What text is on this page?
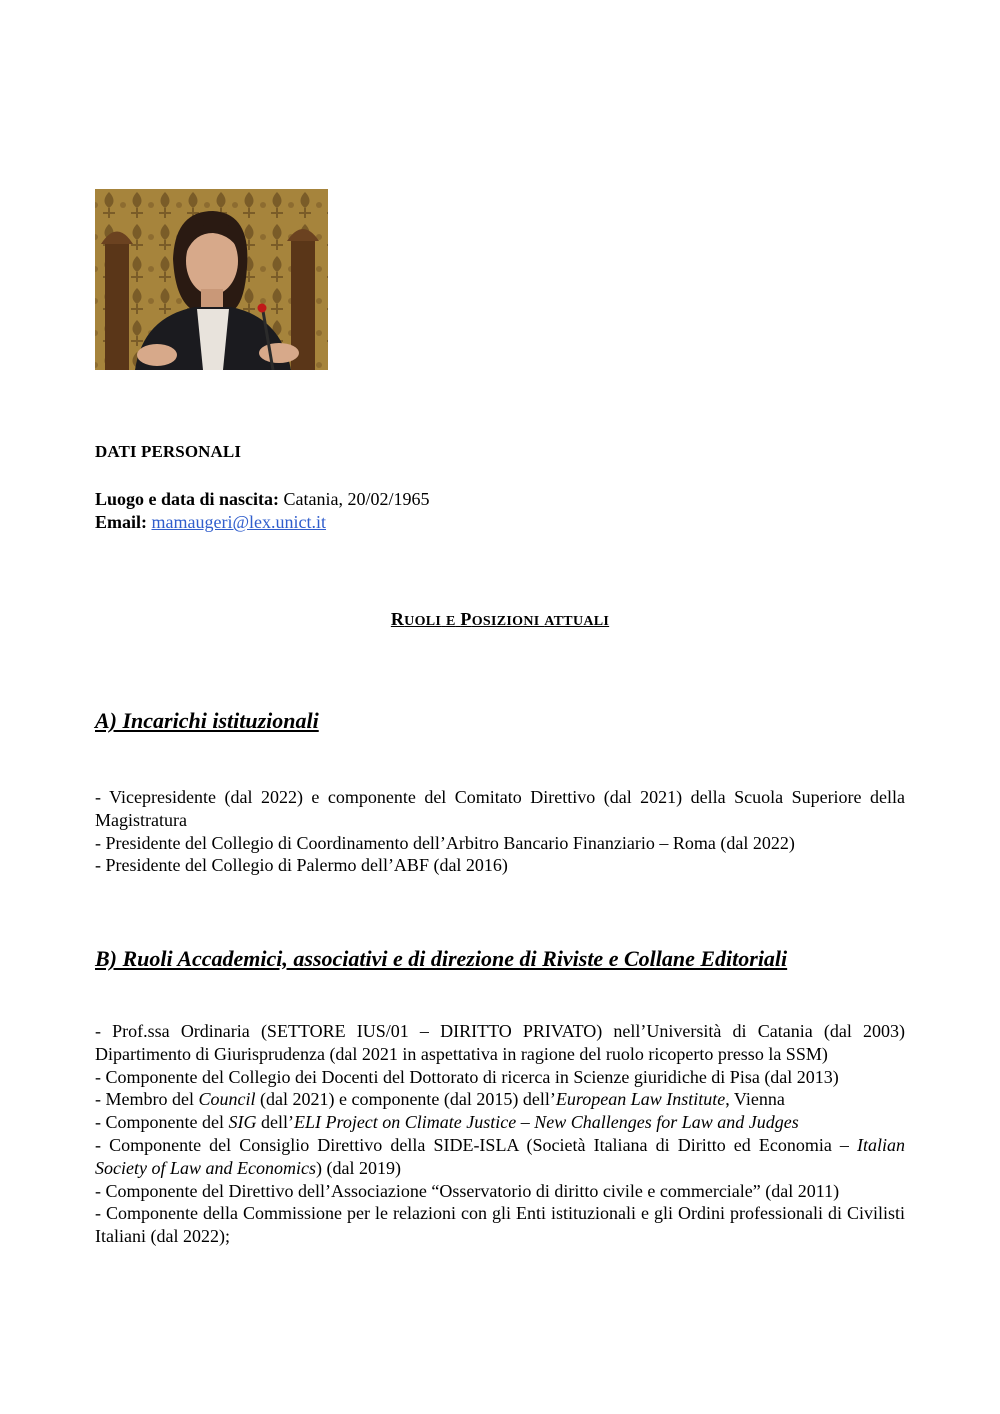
DATI PERSONALI
Luogo e data di nascita: Catania, 20/02/1965
Email: mamaugeri@lex.unict.it
RUOLI E POSIZIONI ATTUALI
A) Incarichi istituzionali
- Vicepresidente (dal 2022) e componente del Comitato Direttivo (dal 2021) della Scuola Superiore della Magistratura
- Presidente del Collegio di Coordinamento dell’Arbitro Bancario Finanziario – Roma (dal 2022)
- Presidente del Collegio di Palermo dell’ABF (dal 2016)
B) Ruoli Accademici, associativi e di direzione di Riviste e Collane Editoriali
- Prof.ssa Ordinaria (SETTORE IUS/01 – DIRITTO PRIVATO) nell’Università di Catania (dal 2003) Dipartimento di Giurisprudenza (dal 2021 in aspettativa in ragione del ruolo ricoperto presso la SSM)
- Componente del Collegio dei Docenti del Dottorato di ricerca in Scienze giuridiche di Pisa (dal 2013)
- Membro del Council (dal 2021) e componente (dal 2015) dell’European Law Institute, Vienna
- Componente del SIG dell’ELI Project on Climate Justice – New Challenges for Law and Judges
- Componente del Consiglio Direttivo della SIDE-ISLA (Società Italiana di Diritto ed Economia – Italian Society of Law and Economics) (dal 2019)
- Componente del Direttivo dell’Associazione “Osservatorio di diritto civile e commerciale” (dal 2011)
- Componente della Commissione per le relazioni con gli Enti istituzionali e gli Ordini professionali di Civilisti Italiani (dal 2022);
